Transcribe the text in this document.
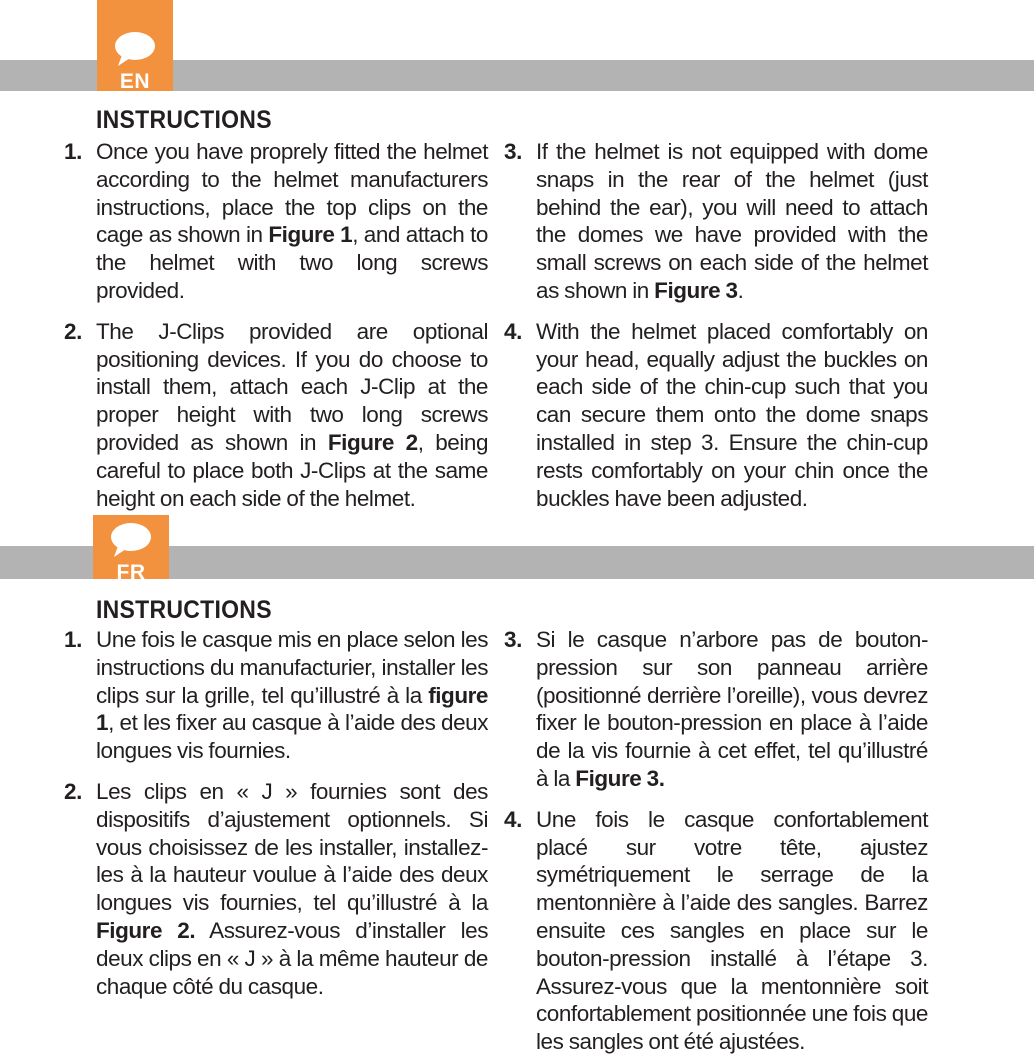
EN
INSTRUCTIONS
1. Once you have proprely fitted the helmet according to the helmet manufacturers instructions, place the top clips on the cage as shown in Figure 1, and attach to the helmet with two long screws provided.
2. The J-Clips provided are optional positioning devices. If you do choose to install them, attach each J-Clip at the proper height with two long screws provided as shown in Figure 2, being careful to place both J-Clips at the same height on each side of the helmet.
3. If the helmet is not equipped with dome snaps in the rear of the helmet (just behind the ear), you will need to attach the domes we have provided with the small screws on each side of the helmet as shown in Figure 3.
4. With the helmet placed comfortably on your head, equally adjust the buckles on each side of the chin-cup such that you can secure them onto the dome snaps installed in step 3. Ensure the chin-cup rests comfortably on your chin once the buckles have been adjusted.
FR
INSTRUCTIONS
1. Une fois le casque mis en place selon les instructions du manufacturier, installer les clips sur la grille, tel qu’illustré à la figure 1, et les fixer au casque à l’aide des deux longues vis fournies.
2. Les clips en « J » fournies sont des dispositifs d’ajustement optionnels. Si vous choisissez de les installer, installez-les à la hauteur voulue à l’aide des deux longues vis fournies, tel qu’illustré à la Figure 2. Assurez-vous d’installer les deux clips en « J » à la même hauteur de chaque côté du casque.
3. Si le casque n’arbore pas de bouton-pression sur son panneau arrière (positionné derrière l’oreille), vous devrez fixer le bouton-pression en place à l’aide de la vis fournie à cet effet, tel qu’illustré à la Figure 3.
4. Une fois le casque confortablement placé sur votre tête, ajustez symétriquement le serrage de la mentonnière à l’aide des sangles. Barrez ensuite ces sangles en place sur le bouton-pression installé à l’étape 3. Assurez-vous que la mentonnière soit confortablement positionnée une fois que les sangles ont été ajustées.
